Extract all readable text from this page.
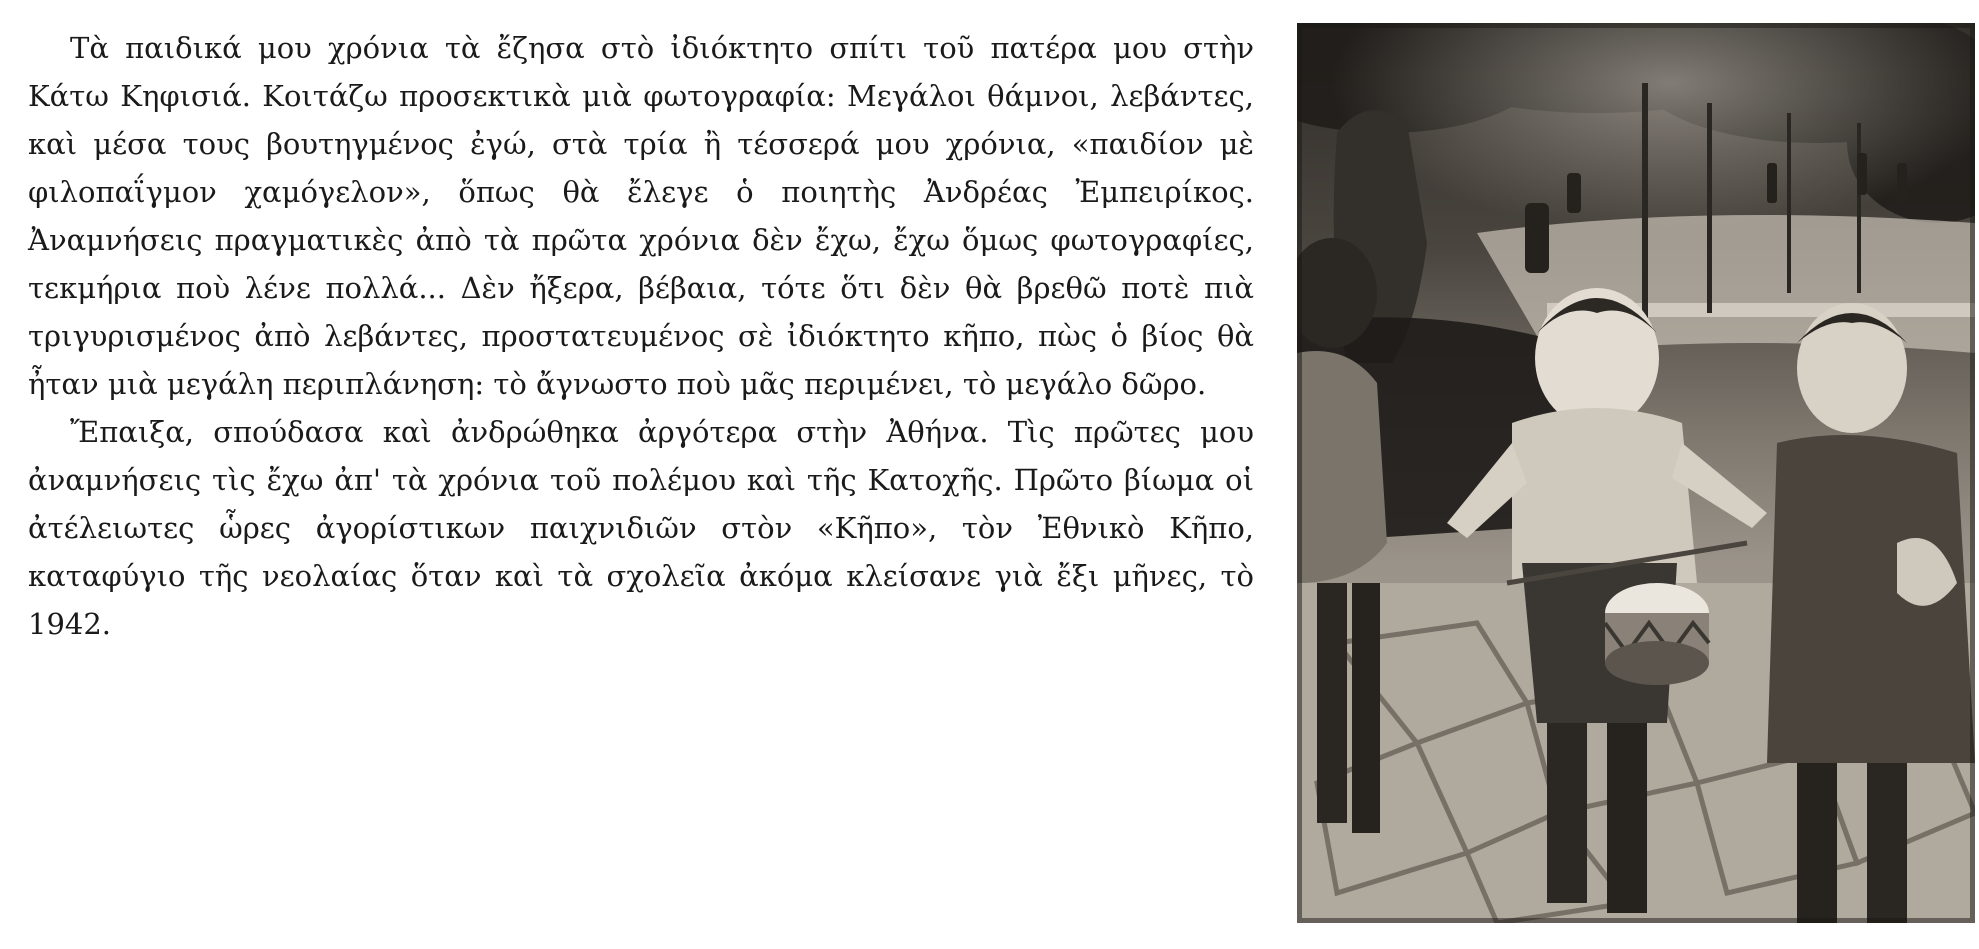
Τὰ παιδικά μου χρόνια τὰ ἔζησα στὸ ἰδιόκτητο σπίτι τοῦ πατέρα μου στὴν Κάτω Κηφισιά. Κοιτάζω προσεκτικὰ μιὰ φωτογραφία: Μεγάλοι θάμνοι, λεβάντες, καὶ μέσα τους βουτηγμένος ἐγώ, στὰ τρία ἢ τέσσερά μου χρόνια, «παιδίον μὲ φιλοπαΐγμον χαμόγελον», ὅπως θὰ ἔλεγε ὁ ποιητὴς Ἀνδρέας Ἐμπειρίκος. Ἀναμνήσεις πραγματικὲς ἀπὸ τὰ πρῶτα χρόνια δὲν ἔχω, ἔχω ὅμως φωτογραφίες, τεκμήρια ποὺ λένε πολλά... Δὲν ἤξερα, βέβαια, τότε ὅτι δὲν θὰ βρεθῶ ποτὲ πιὰ τριγυρισμένος ἀπὸ λεβάντες, προστατευμένος σὲ ἰδιόκτητο κῆπο, πὼς ὁ βίος θὰ ἦταν μιὰ μεγάλη περιπλάνηση: τὸ ἄγνωστο ποὺ μᾶς περιμένει, τὸ μεγάλο δῶρο.

Ἔπαιξα, σπούδασα καὶ ἀνδρώθηκα ἀργότερα στὴν Ἀθήνα. Τὶς πρῶτες μου ἀναμνήσεις τὶς ἔχω ἀπ' τὰ χρόνια τοῦ πολέμου καὶ τῆς Κατοχῆς. Πρῶτο βίωμα οἱ ἀτέλειωτες ὧρες ἀγορίστικων παιχνιδιῶν στὸν «Κῆπο», τὸν Ἐθνικὸ Κῆπο, καταφύγιο τῆς νεολαίας ὅταν καὶ τὰ σχολεῖα ἀκόμα κλείσανε γιὰ ἔξι μῆνες, τὸ 1942.
